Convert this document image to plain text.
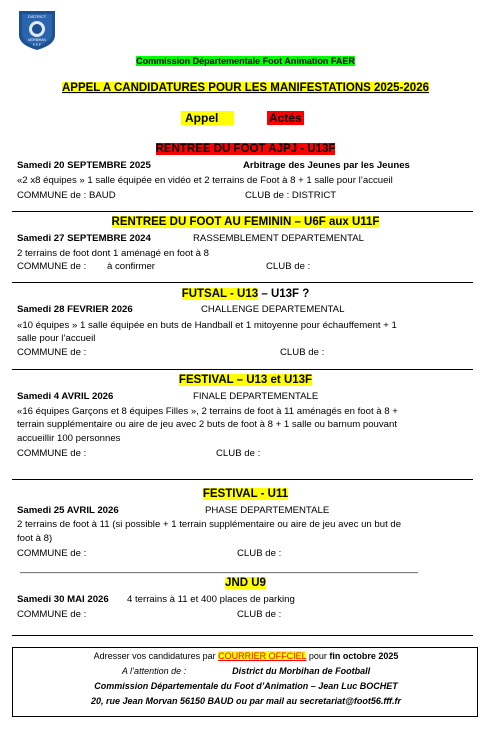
DISTRICT
MORBIHAN
F F F
Commission Départementale Foot Animation FAER
APPEL A CANDIDATURES POUR LES MANIFESTATIONS 2025-2026
Appel	Actés
RENTREE DU FOOT AJPJ - U13F
Samedi 20 SEPTEMBRE 2025	Arbitrage des Jeunes par les Jeunes
«2 x8 équipes » 1 salle équipée en vidéo et 2 terrains de Foot à 8 + 1 salle pour l’accueil
COMMUNE de : BAUD	CLUB de : DISTRICT
RENTREE DU FOOT AU FEMININ – U6F aux U11F
Samedi 27 SEPTEMBRE 2024	RASSEMBLEMENT DEPARTEMENTAL
2 terrains de foot dont 1 aménagé en foot à 8
COMMUNE de : à confirmer	CLUB de :
FUTSAL - U13 – U13F ?
Samedi 28 FEVRIER 2026	CHALLENGE DEPARTEMENTAL
«10 équipes » 1 salle équipée en buts de Handball et 1 mitoyenne pour échauffement + 1
salle pour l’accueil
COMMUNE de :	CLUB de :
FESTIVAL – U13 et U13F
Samedi 4 AVRIL 2026	FINALE DEPARTEMENTALE
«16 équipes Garçons et 8 équipes Filles », 2 terrains de foot à 11 aménagés en foot à 8 +
terrain supplémentaire ou aire de jeu avec 2 buts de foot à 8 + 1 salle ou barnum pouvant
accueillir 100 personnes
COMMUNE de :	CLUB de :
FESTIVAL - U11
Samedi 25 AVRIL 2026	PHASE DEPARTEMENTALE
2 terrains de foot à 11 (si possible + 1 terrain supplémentaire ou aire de jeu avec un but de
foot à 8)
COMMUNE de :	CLUB de :
_______________________________________________________________________________
JND U9
Samedi 30 MAI 2026 4 terrains à 11 et 400 places de parking
COMMUNE de :	CLUB de :
Adresser vos candidatures par COURRIER OFFCIEL pour fin octobre 2025
A l’attention de :	District du Morbihan de Football
Commission Départementale du Foot d’Animation – Jean Luc BOCHET
20, rue Jean Morvan 56150 BAUD ou par mail au secretariat@foot56.fff.fr
